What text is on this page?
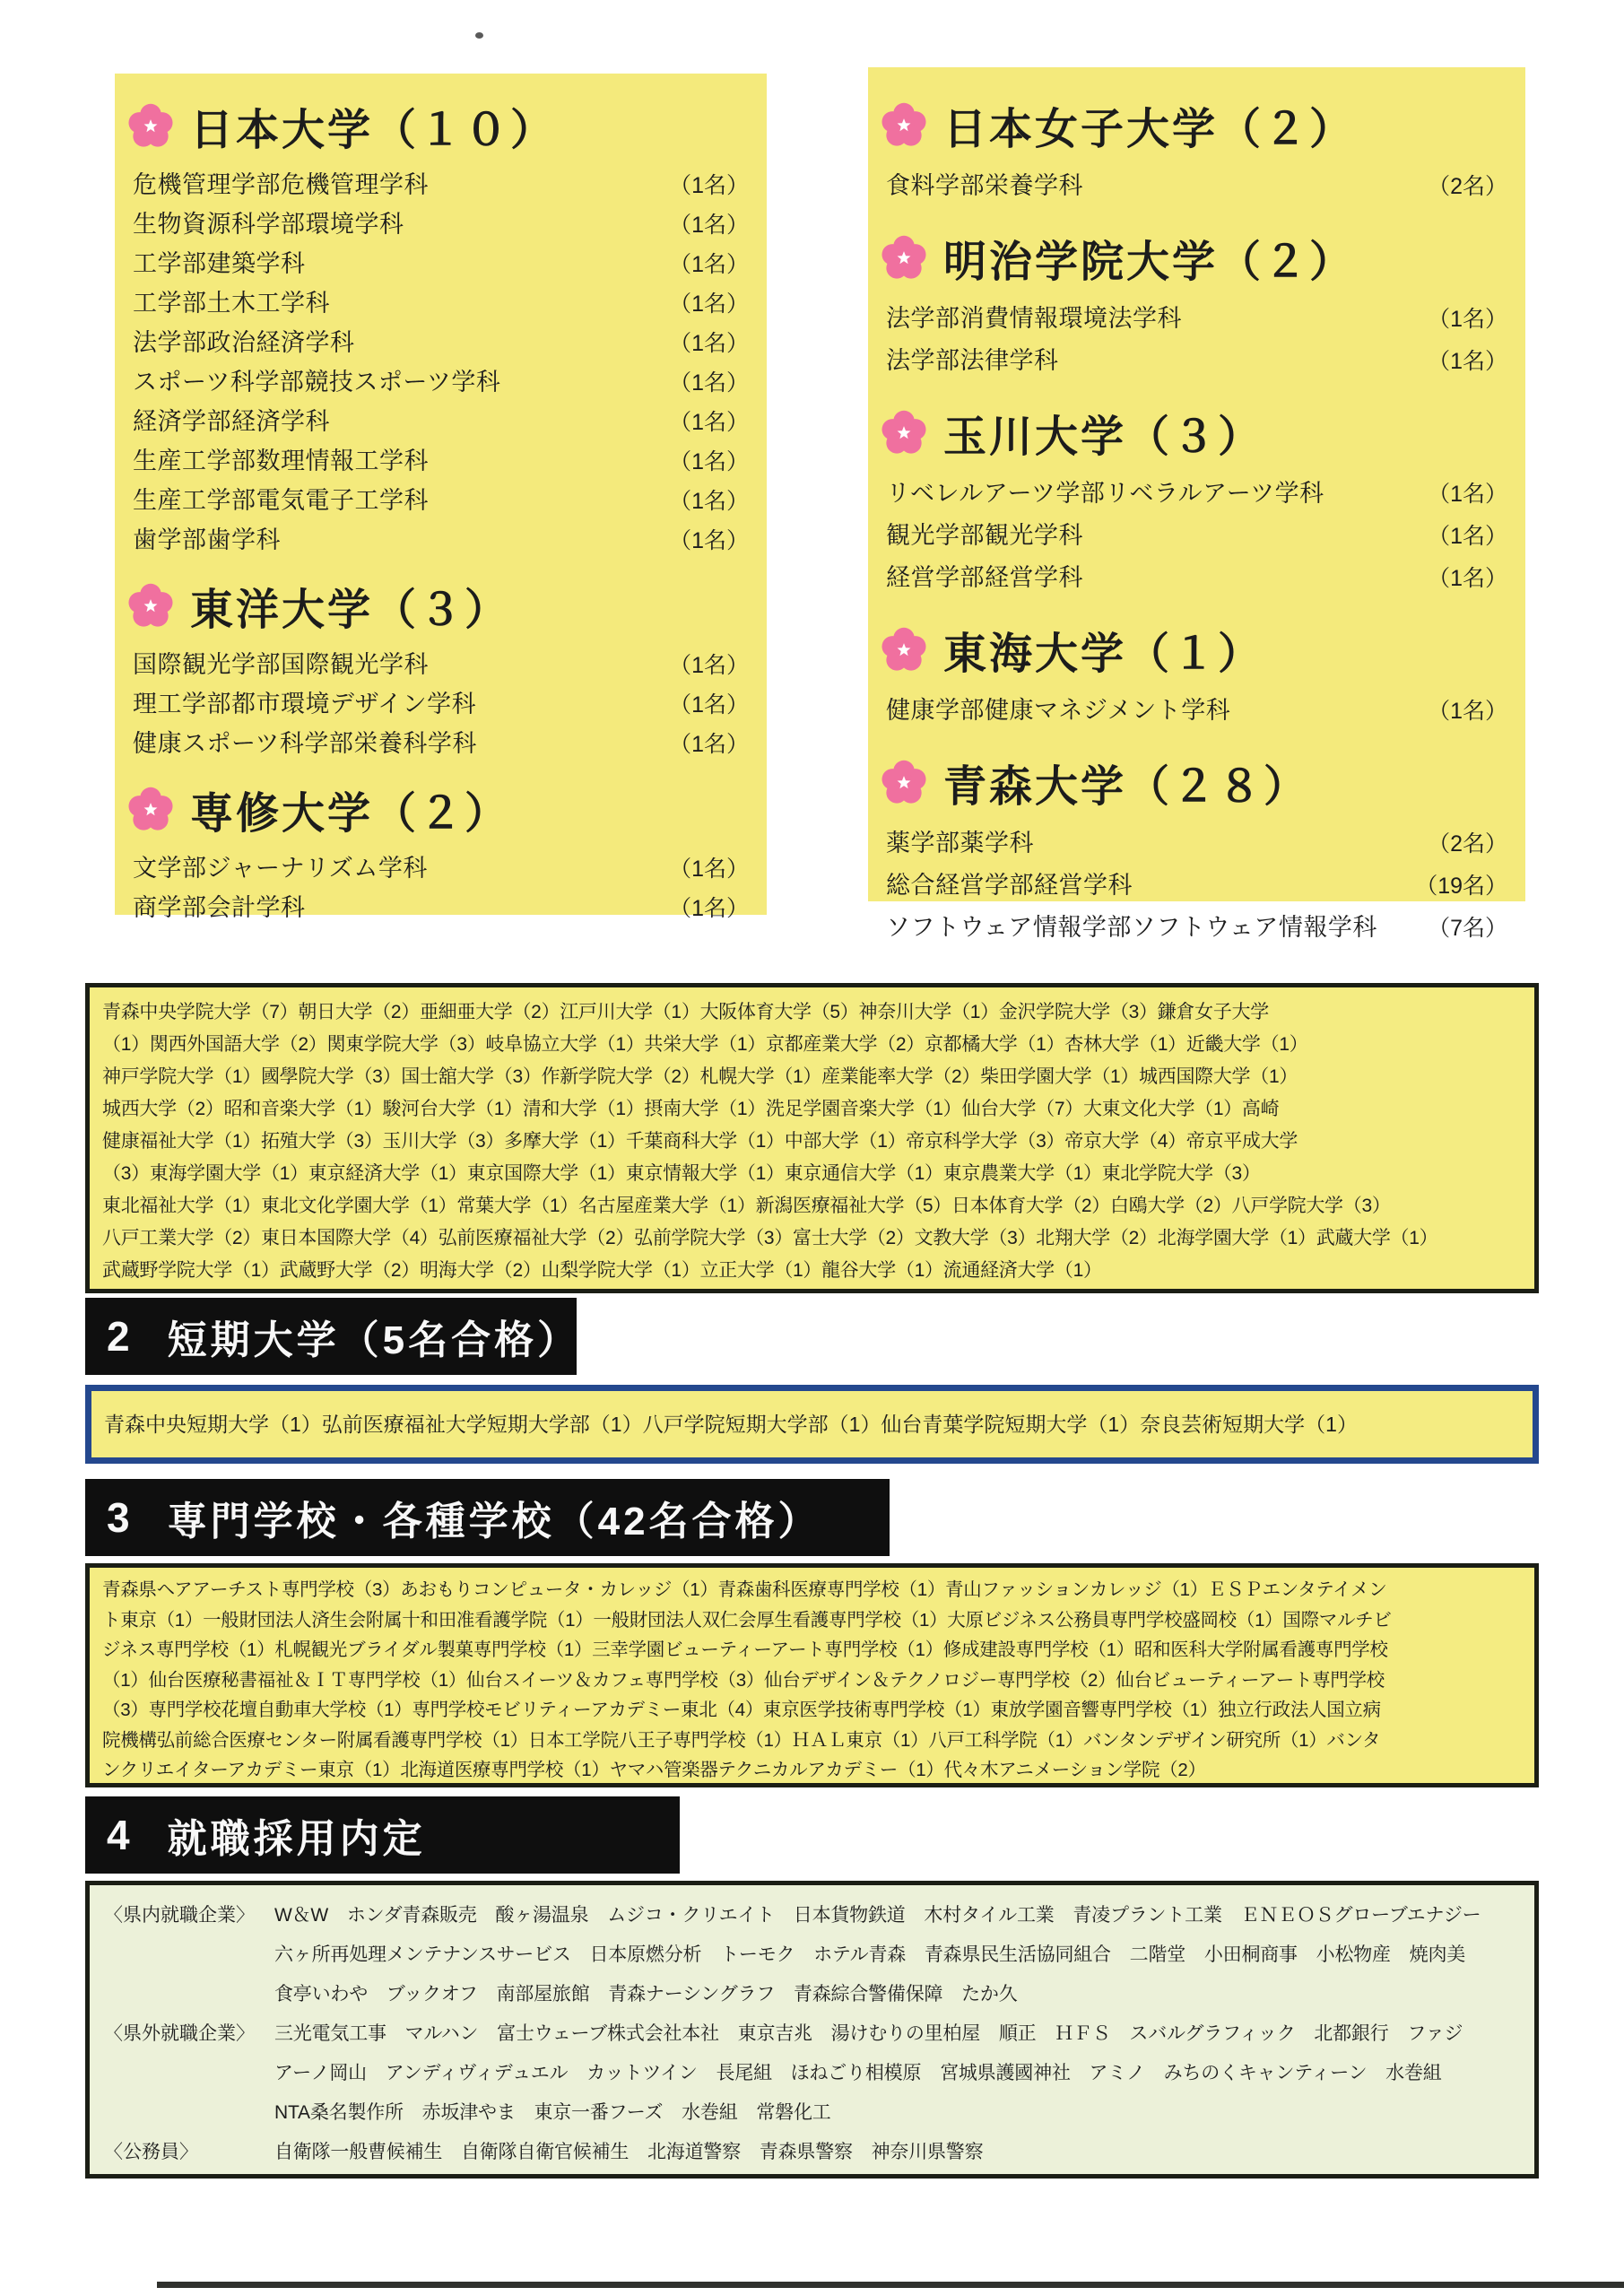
日本大学（１０）
危機管理学部危機管理学科	（1名）
生物資源科学部環境学科	（1名）
工学部建築学科	（1名）
工学部土木工学科	（1名）
法学部政治経済学科	（1名）
スポーツ科学部競技スポーツ学科	（1名）
経済学部経済学科	（1名）
生産工学部数理情報工学科	（1名）
生産工学部電気電子工学科	（1名）
歯学部歯学科	（1名）
東洋大学（３）
国際観光学部国際観光学科	（1名）
理工学部都市環境デザイン学科	（1名）
健康スポーツ科学部栄養科学科	（1名）
専修大学（２）
文学部ジャーナリズム学科	（1名）
商学部会計学科	（1名）
日本女子大学（２）
食料学部栄養学科	（2名）
明治学院大学（２）
法学部消費情報環境法学科	（1名）
法学部法律学科	（1名）
玉川大学（３）
リベレルアーツ学部リベラルアーツ学科	（1名）
観光学部観光学科	（1名）
経営学部経営学科	（1名）
東海大学（１）
健康学部健康マネジメント学科	（1名）
青森大学（２８）
薬学部薬学科	（2名）
総合経営学部経営学科	（19名）
ソフトウェア情報学部ソフトウェア情報学科 （7名）
青森中央学院大学（7）朝日大学（2）亜細亜大学（2）江戸川大学（1）大阪体育大学（5）神奈川大学（1）金沢学院大学（3）鎌倉女子大学
（1）関西外国語大学（2）関東学院大学（3）岐阜協立大学（1）共栄大学（1）京都産業大学（2）京都橘大学（1）杏林大学（1）近畿大学（1）
神戸学院大学（1）國學院大学（3）国士舘大学（3）作新学院大学（2）札幌大学（1）産業能率大学（2）柴田学園大学（1）城西国際大学（1）
城西大学（2）昭和音楽大学（1）駿河台大学（1）清和大学（1）摂南大学（1）洗足学園音楽大学（1）仙台大学（7）大東文化大学（1）高崎
健康福祉大学（1）拓殖大学（3）玉川大学（3）多摩大学（1）千葉商科大学（1）中部大学（1）帝京科学大学（3）帝京大学（4）帝京平成大学
（3）東海学園大学（1）東京経済大学（1）東京国際大学（1）東京情報大学（1）東京通信大学（1）東京農業大学（1）東北学院大学（3）
東北福祉大学（1）東北文化学園大学（1）常葉大学（1）名古屋産業大学（1）新潟医療福祉大学（5）日本体育大学（2）白鴎大学（2）八戸学院大学（3）
八戸工業大学（2）東日本国際大学（4）弘前医療福祉大学（2）弘前学院大学（3）富士大学（2）文教大学（3）北翔大学（2）北海学園大学（1）武蔵大学（1）
武蔵野学院大学（1）武蔵野大学（2）明海大学（2）山梨学院大学（1）立正大学（1）龍谷大学（1）流通経済大学（1）
2 短期大学（5名合格）
青森中央短期大学（1）弘前医療福祉大学短期大学部（1）八戸学院短期大学部（1）仙台青葉学院短期大学（1）奈良芸術短期大学（1）
3 専門学校・各種学校（42名合格）
青森県ヘアアーチスト専門学校（3）あおもりコンピュータ・カレッジ（1）青森歯科医療専門学校（1）青山ファッションカレッジ（1）ＥＳＰエンタテイメン
ト東京（1）一般財団法人済生会附属十和田准看護学院（1）一般財団法人双仁会厚生看護専門学校（1）大原ビジネス公務員専門学校盛岡校（1）国際マルチビ
ジネス専門学校（1）札幌観光ブライダル製菓専門学校（1）三幸学園ビューティーアート専門学校（1）修成建設専門学校（1）昭和医科大学附属看護専門学校
（1）仙台医療秘書福祉＆ＩＴ専門学校（1）仙台スイーツ＆カフェ専門学校（3）仙台デザイン＆テクノロジー専門学校（2）仙台ビューティーアート専門学校
（3）専門学校花壇自動車大学校（1）専門学校モビリティーアカデミー東北（4）東京医学技術専門学校（1）東放学園音響専門学校（1）独立行政法人国立病
院機構弘前総合医療センター附属看護専門学校（1）日本工学院八王子専門学校（1）ＨＡＬ東京（1）八戸工科学院（1）バンタンデザイン研究所（1）バンタ
ンクリエイターアカデミー東京（1）北海道医療専門学校（1）ヤマハ管楽器テクニカルアカデミー（1）代々木アニメーション学院（2）
4 就職採用内定
〈県内就職企業〉	W＆W　ホンダ青森販売　酸ヶ湯温泉　ムジコ・クリエイト　日本貨物鉄道　木村タイル工業　青凌プラント工業　ＥＮＥＯＳグローブエナジー
六ヶ所再処理メンテナンスサービス　日本原燃分析　トーモク　ホテル青森　青森県民生活協同組合　二階堂　小田桐商事　小松物産　焼肉美
食亭いわや　ブックオフ　南部屋旅館　青森ナーシングラフ　青森綜合警備保障　たか久
〈県外就職企業〉	三光電気工事　マルハン　富士ウェーブ株式会社本社　東京吉兆　湯けむりの里柏屋　順正　ＨＦＳ　スバルグラフィック　北都銀行　ファジ
アーノ岡山　アンディヴィデュエル　カットツイン　長尾組　ほねごり相模原　宮城県護國神社　アミノ　みちのくキャンティーン　水巻組
NTA桑名製作所　赤坂津やま　東京一番フーズ　水巻組　常磐化工
〈公務員〉	自衛隊一般曹候補生　自衛隊自衛官候補生　北海道警察　青森県警察　神奈川県警察
